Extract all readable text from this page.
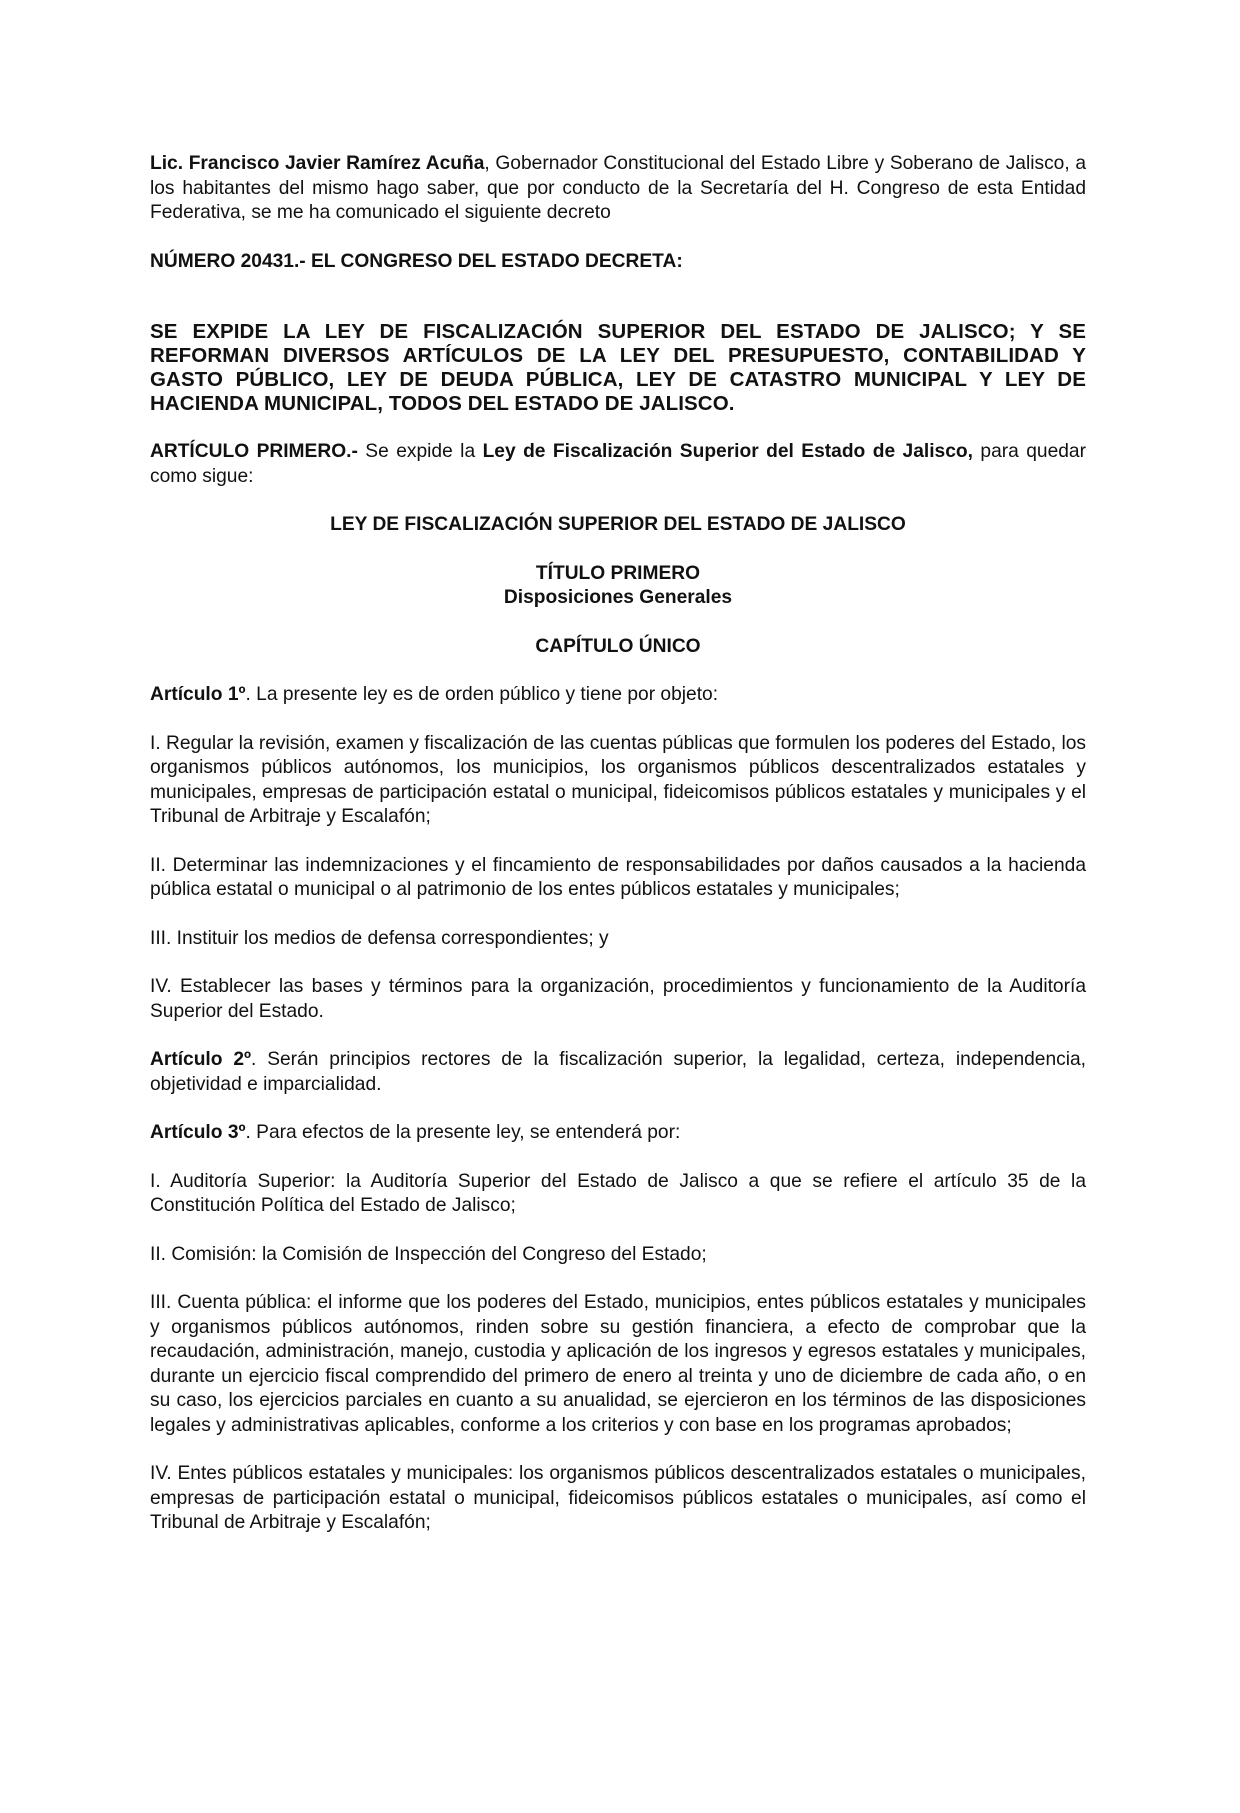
Lic. Francisco Javier Ramírez Acuña, Gobernador Constitucional del Estado Libre y Soberano de Jalisco, a los habitantes del mismo hago saber, que por conducto de la Secretaría del H. Congreso de esta Entidad Federativa, se me ha comunicado el siguiente decreto

NÚMERO 20431.- EL CONGRESO DEL ESTADO DECRETA:

SE EXPIDE LA LEY DE FISCALIZACIÓN SUPERIOR DEL ESTADO DE JALISCO; Y SE REFORMAN DIVERSOS ARTÍCULOS DE LA LEY DEL PRESUPUESTO, CONTABILIDAD Y GASTO PÚBLICO, LEY DE DEUDA PÚBLICA, LEY DE CATASTRO MUNICIPAL Y LEY DE HACIENDA MUNICIPAL, TODOS DEL ESTADO DE JALISCO.

ARTÍCULO PRIMERO.- Se expide la Ley de Fiscalización Superior del Estado de Jalisco, para quedar como sigue:

LEY DE FISCALIZACIÓN SUPERIOR DEL ESTADO DE JALISCO
TÍTULO PRIMERO
Disposiciones Generales
CAPÍTULO ÚNICO

Artículo 1º. La presente ley es de orden público y tiene por objeto:

I. Regular la revisión, examen y fiscalización de las cuentas públicas que formulen los poderes del Estado, los organismos públicos autónomos, los municipios, los organismos públicos descentralizados estatales y municipales, empresas de participación estatal o municipal, fideicomisos públicos estatales y municipales y el Tribunal de Arbitraje y Escalafón;

II. Determinar las indemnizaciones y el fincamiento de responsabilidades por daños causados a la hacienda pública estatal o municipal o al patrimonio de los entes públicos estatales y municipales;

III. Instituir los medios de defensa correspondientes; y

IV. Establecer las bases y términos para la organización, procedimientos y funcionamiento de la Auditoría Superior del Estado.

Artículo 2º. Serán principios rectores de la fiscalización superior, la legalidad, certeza, independencia, objetividad e imparcialidad.

Artículo 3º. Para efectos de la presente ley, se entenderá por:

I. Auditoría Superior: la Auditoría Superior del Estado de Jalisco a que se refiere el artículo 35 de la Constitución Política del Estado de Jalisco;

II. Comisión: la Comisión de Inspección del Congreso del Estado;

III. Cuenta pública: el informe que los poderes del Estado, municipios, entes públicos estatales y municipales y organismos públicos autónomos, rinden sobre su gestión financiera, a efecto de comprobar que la recaudación, administración, manejo, custodia y aplicación de los ingresos y egresos estatales y municipales, durante un ejercicio fiscal comprendido del primero de enero al treinta y uno de diciembre de cada año, o en su caso, los ejercicios parciales en cuanto a su anualidad, se ejercieron en los términos de las disposiciones legales y administrativas aplicables, conforme a los criterios y con base en los programas aprobados;

IV. Entes públicos estatales y municipales: los organismos públicos descentralizados estatales o municipales, empresas de participación estatal o municipal, fideicomisos públicos estatales o municipales, así como el Tribunal de Arbitraje y Escalafón;
